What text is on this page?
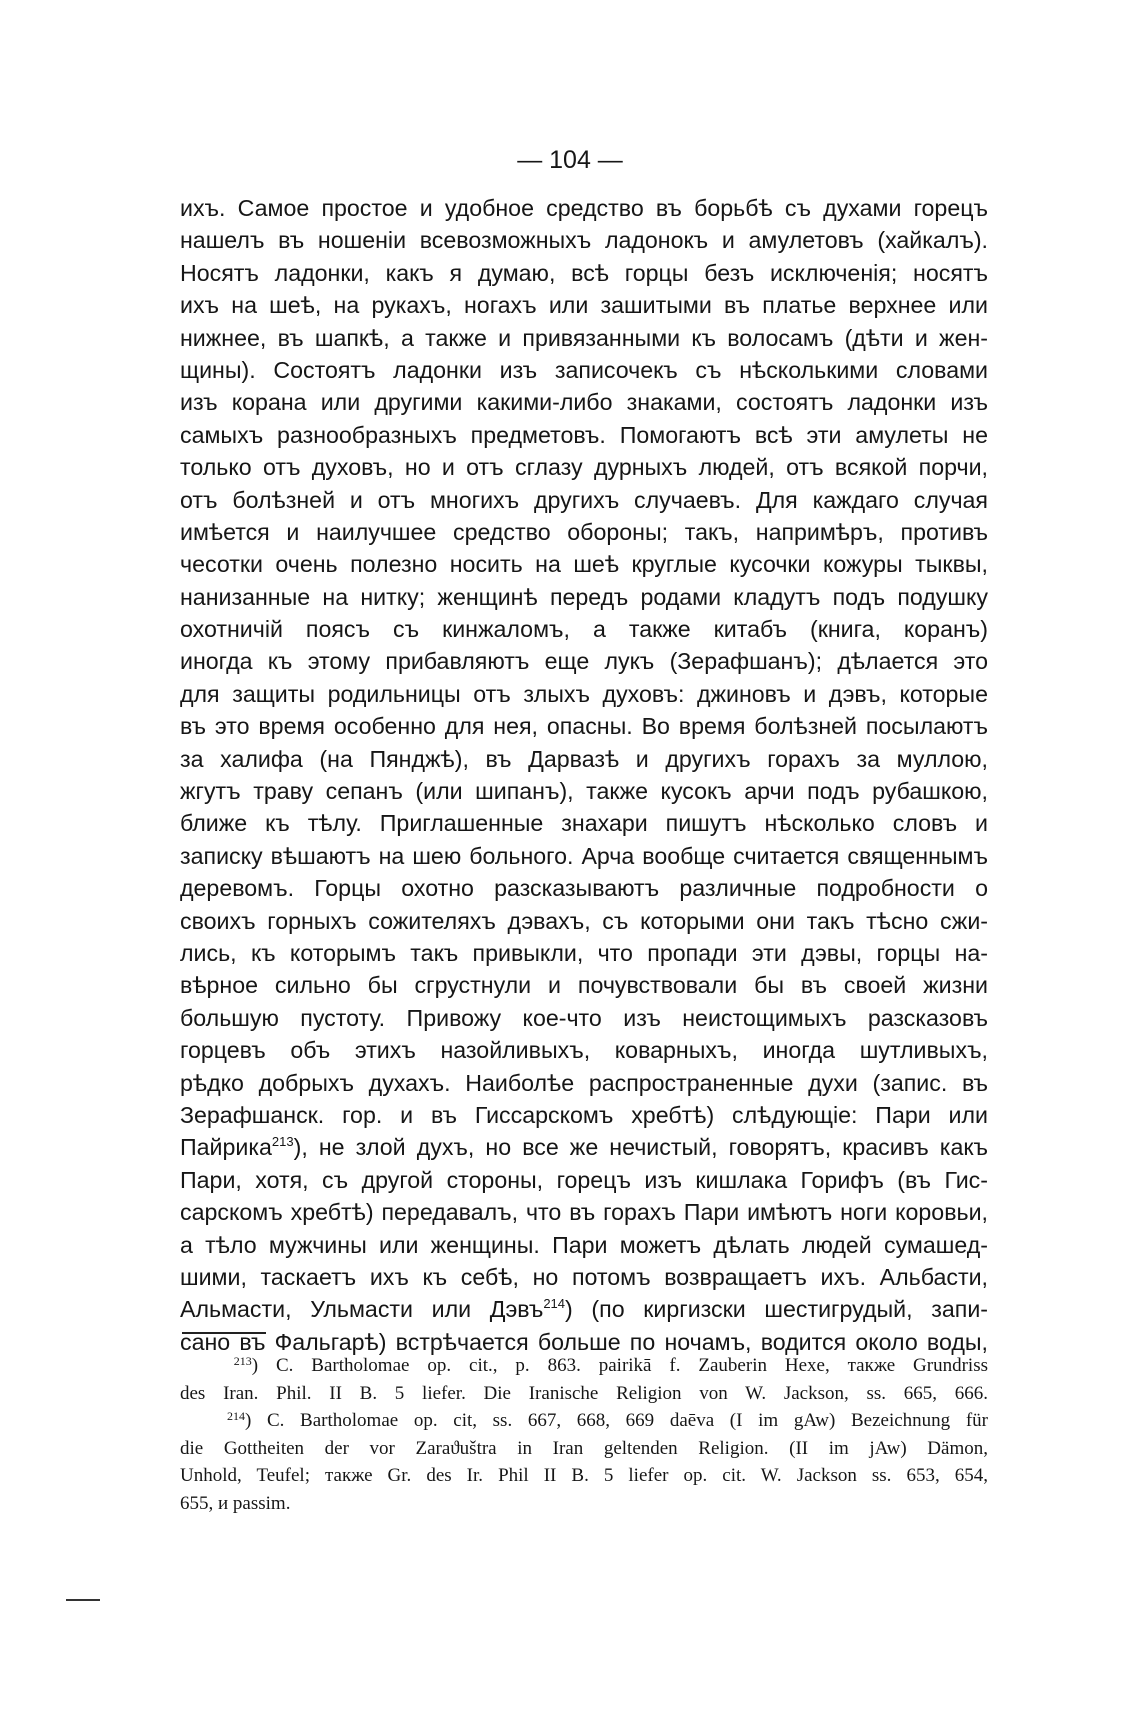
— 104 —
ихъ. Самое простое и удобное средство въ борьбѣ съ духами горецъ
нашелъ въ ношеніи всевозможныхъ ладонокъ и амулетовъ (хайкалъ).
Носятъ ладонки, какъ я думаю, всѣ горцы безъ исключенія; носятъ
ихъ на шеѣ, на рукахъ, ногахъ или зашитыми въ платье верхнее или
нижнее, въ шапкѣ, а также и привязанными къ волосамъ (дѣти и жен-
щины). Состоятъ ладонки изъ записочекъ съ нѣсколькими словами
изъ корана или другими какими-либо знаками, состоятъ ладонки изъ
самыхъ разнообразныхъ предметовъ. Помогаютъ всѣ эти амулеты не
только отъ духовъ, но и отъ сглазу дурныхъ людей, отъ всякой порчи,
отъ болѣзней и отъ многихъ другихъ случаевъ. Для каждаго случая
имѣется и наилучшее средство обороны; такъ, напримѣръ, противъ
чесотки очень полезно носить на шеѣ круглые кусочки кожуры тыквы,
нанизанные на нитку; женщинѣ передъ родами кладутъ подъ подушку
охотничій поясъ съ кинжаломъ, а также китабъ (книга, коранъ)
иногда къ этому прибавляютъ еще лукъ (Зерафшанъ); дѣлается это
для защиты родильницы отъ злыхъ духовъ: джиновъ и дэвъ, которые
въ это время особенно для нея, опасны. Во время болѣзней посылаютъ
за халифа (на Пянджѣ), въ Дарвазѣ и другихъ горахъ за муллою,
жгутъ траву сепанъ (или шипанъ), также кусокъ арчи подъ рубашкою,
ближе къ тѣлу. Приглашенные знахари пишутъ нѣсколько словъ и
записку вѣшаютъ на шею больного. Арча вообще считается священнымъ
деревомъ. Горцы охотно разсказываютъ различные подробности о
своихъ горныхъ сожителяхъ дэвахъ, съ которыми они такъ тѣсно сжи-
лись, къ которымъ такъ привыкли, что пропади эти дэвы, горцы на-
вѣрное сильно бы сгрустнули и почувствовали бы въ своей жизни
большую пустоту. Привожу кое-что изъ неистощимыхъ разсказовъ
горцевъ объ этихъ назойливыхъ, коварныхъ, иногда шутливыхъ,
рѣдко добрыхъ духахъ. Наиболѣе распространенные духи (запис. въ
Зерафшанск. гор. и въ Гиссарскомъ хребтѣ) слѣдующіе: Пари или
Пайрика$^{213}$), не злой духъ, но все же нечистый, говорятъ, красивъ какъ
Пари, хотя, съ другой стороны, горецъ изъ кишлака Горифъ (въ Гис-
сарскомъ хребтѣ) передавалъ, что въ горахъ Пари имѣютъ ноги коровьи,
а тѣло мужчины или женщины. Пари можетъ дѣлать людей сумашед-
шими, таскаетъ ихъ къ себѣ, но потомъ возвращаетъ ихъ. Альбасти,
Альмасти, Ульмасти или Дэвъ$^{214}$) (по киргизски шестигрудый, запи-
сано въ Фальгарѣ) встрѣчается больше по ночамъ, водится около воды,
$^{213}$) C. Bartholomae op. cit., p. 863. pairikā f. Zauberin Hexe, также Grundriss
des Iran. Phil. II B. 5 liefer. Die Iranische Religion von W. Jackson, ss. 665, 666.
$^{214}$) C. Bartholomae op. cit, ss. 667, 668, 669 daēva (I im gAw) Bezeichnung für
die Gottheiten der vor Zaraϑuštra in Iran geltenden Religion. (II im jAw) Dämon,
Unhold, Teufel; также Gr. des Ir. Phil II B. 5 liefer op. cit. W. Jackson ss. 653, 654,
655, и passim.
